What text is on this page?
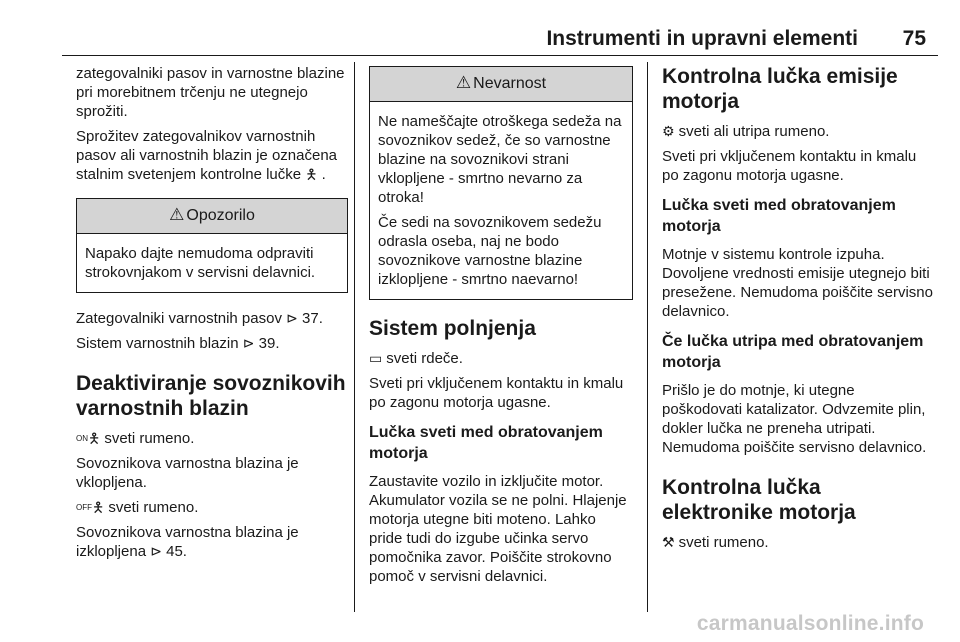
Instrumenti in upravni elementi 75

zategovalniki pasov in varnostne blazine pri morebitnem trčenju ne utegnejo sprožiti.

Sprožitev zategovalnikov varnostnih pasov ali varnostnih blazin je označena stalnim svetenjem kontrolne lučke 🯅 .

⚠ Opozorilo

Napako dajte nemudoma odpraviti strokovnjakom v servisni delavnici.

Zategovalniki varnostnih pasov ⊳ 37.

Sistem varnostnih blazin ⊳ 39.

Deaktiviranje sovoznikovih varnostnih blazin

$^{ON}$🯅 sveti rumeno.

Sovoznikova varnostna blazina je vklopljena.

$^{OFF}$🯅 sveti rumeno.

Sovoznikova varnostna blazina je izklopljena ⊳ 45.

⚠ Nevarnost

Ne nameščajte otroškega sedeža na sovoznikov sedež, če so varnostne blazine na sovoznikovi strani vklopljene - smrtno nevarno za otroka!

Če sedi na sovoznikovem sedežu odrasla oseba, naj ne bodo sovoznikove varnostne blazine izklopljene - smrtno naevarno!

Sistem polnjenja

▭ sveti rdeče.

Sveti pri vključenem kontaktu in kmalu po zagonu motorja ugasne.

Lučka sveti med obratovanjem motorja

Zaustavite vozilo in izključite motor. Akumulator vozila se ne polni. Hlajenje motorja utegne biti moteno. Lahko pride tudi do izgube učinka servo pomočnika zavor. Poiščite strokovno pomoč v servisni delavnici.

Kontrolna lučka emisije motorja

⚙ sveti ali utripa rumeno.

Sveti pri vključenem kontaktu in kmalu po zagonu motorja ugasne.

Lučka sveti med obratovanjem motorja

Motnje v sistemu kontrole izpuha. Dovoljene vrednosti emisije utegnejo biti presežene. Nemudoma poiščite servisno delavnico.

Če lučka utripa med obratovanjem motorja

Prišlo je do motnje, ki utegne poškodovati katalizator. Odvzemite plin, dokler lučka ne preneha utripati. Nemudoma poiščite servisno delavnico.

Kontrolna lučka elektronike motorja

⚒ sveti rumeno.

carmanualsonline.info
